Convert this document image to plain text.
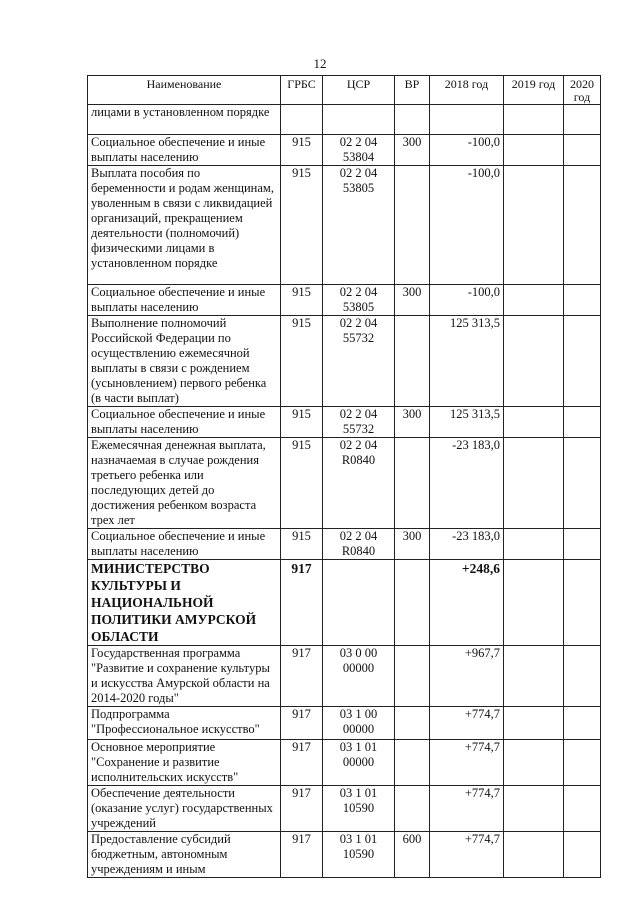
12
Наименование	ГРБС	ЦСР	ВР	2018 год	2019 год	2020 год
лицами в установленном порядке						
Социальное обеспечение и иные выплаты населению	915	02 2 04 53804	300	-100,0		
Выплата пособия по беременности и родам женщинам, уволенным в связи с ликвидацией организаций, прекращением деятельности (полномочий) физическими лицами в установленном порядке	915	02 2 04 53805		-100,0		
Социальное обеспечение и иные выплаты населению	915	02 2 04 53805	300	-100,0		
Выполнение полномочий Российской Федерации по осуществлению ежемесячной выплаты в связи с рождением (усыновлением) первого ребенка (в части выплат)	915	02 2 04 55732		125 313,5		
Социальное обеспечение и иные выплаты населению	915	02 2 04 55732	300	125 313,5		
Ежемесячная денежная выплата, назначаемая в случае рождения третьего ребенка или последующих детей до достижения ребенком возраста трех лет	915	02 2 04 R0840		-23 183,0		
Социальное обеспечение и иные выплаты населению	915	02 2 04 R0840	300	-23 183,0		
МИНИСТЕРСТВО КУЛЬТУРЫ И НАЦИОНАЛЬНОЙ ПОЛИТИКИ АМУРСКОЙ ОБЛАСТИ	917			+248,6		
Государственная программа "Развитие и сохранение культуры и искусства Амурской области на 2014-2020 годы"	917	03 0 00 00000		+967,7		
Подпрограмма "Профессиональное искусство"	917	03 1 00 00000		+774,7		
Основное мероприятие "Сохранение и развитие исполнительских искусств"	917	03 1 01 00000		+774,7		
Обеспечение деятельности (оказание услуг) государственных учреждений	917	03 1 01 10590		+774,7		
Предоставление субсидий бюджетным, автономным учреждениям и иным	917	03 1 01 10590	600	+774,7		
